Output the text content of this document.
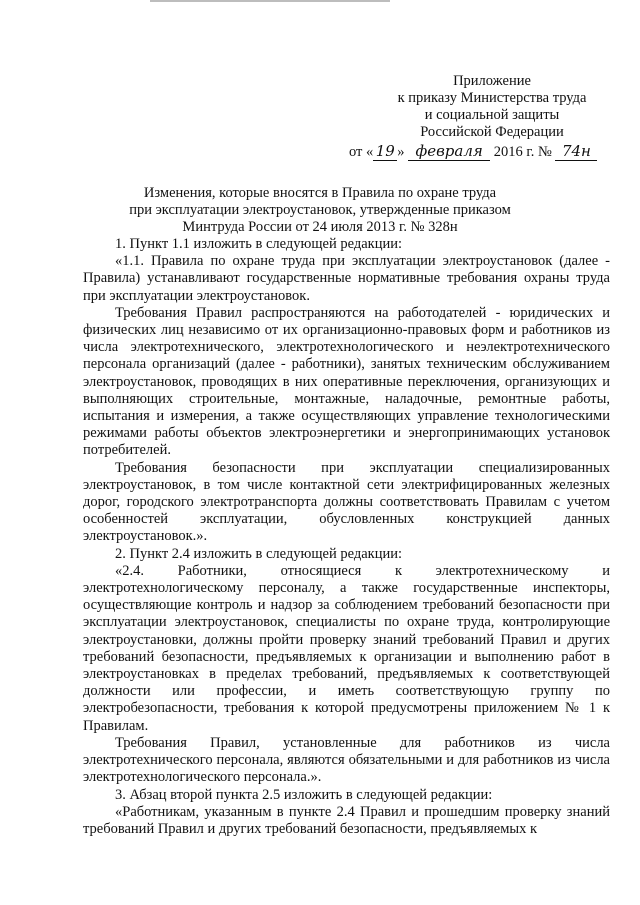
Приложение
к приказу Министерства труда
и социальной защиты
Российской Федерации
от « 19 » февраля 2016 г. № 74н
Изменения, которые вносятся в Правила по охране труда
при эксплуатации электроустановок, утвержденные приказом
Минтруда России от 24 июля 2013 г. № 328н

1. Пункт 1.1 изложить в следующей редакции:

«1.1. Правила по охране труда при эксплуатации электроустановок (далее - Правила) устанавливают государственные нормативные требования охраны труда при эксплуатации электроустановок.

Требования Правил распространяются на работодателей - юридических и физических лиц независимо от их организационно-правовых форм и работников из числа электротехнического, электротехнологического и неэлектротехнического персонала организаций (далее - работники), занятых техническим обслуживанием электроустановок, проводящих в них оперативные переключения, организующих и выполняющих строительные, монтажные, наладочные, ремонтные работы, испытания и измерения, а также осуществляющих управление технологическими режимами работы объектов электроэнергетики и энергопринимающих установок потребителей.

Требования безопасности при эксплуатации специализированных электроустановок, в том числе контактной сети электрифицированных железных дорог, городского электротранспорта должны соответствовать Правилам с учетом особенностей эксплуатации, обусловленных конструкцией данных электроустановок.».

2. Пункт 2.4 изложить в следующей редакции:

«2.4. Работники, относящиеся к электротехническому и электротехнологическому персоналу, а также государственные инспекторы, осуществляющие контроль и надзор за соблюдением требований безопасности при эксплуатации электроустановок, специалисты по охране труда, контролирующие электроустановки, должны пройти проверку знаний требований Правил и других требований безопасности, предъявляемых к организации и выполнению работ в электроустановках в пределах требований, предъявляемых к соответствующей должности или профессии, и иметь соответствующую группу по электробезопасности, требования к которой предусмотрены приложением № 1 к Правилам.

Требования Правил, установленные для работников из числа электротехнического персонала, являются обязательными и для работников из числа электротехнологического персонала.».

3. Абзац второй пункта 2.5 изложить в следующей редакции:

«Работникам, указанным в пункте 2.4 Правил и прошедшим проверку знаний требований Правил и других требований безопасности, предъявляемых к
